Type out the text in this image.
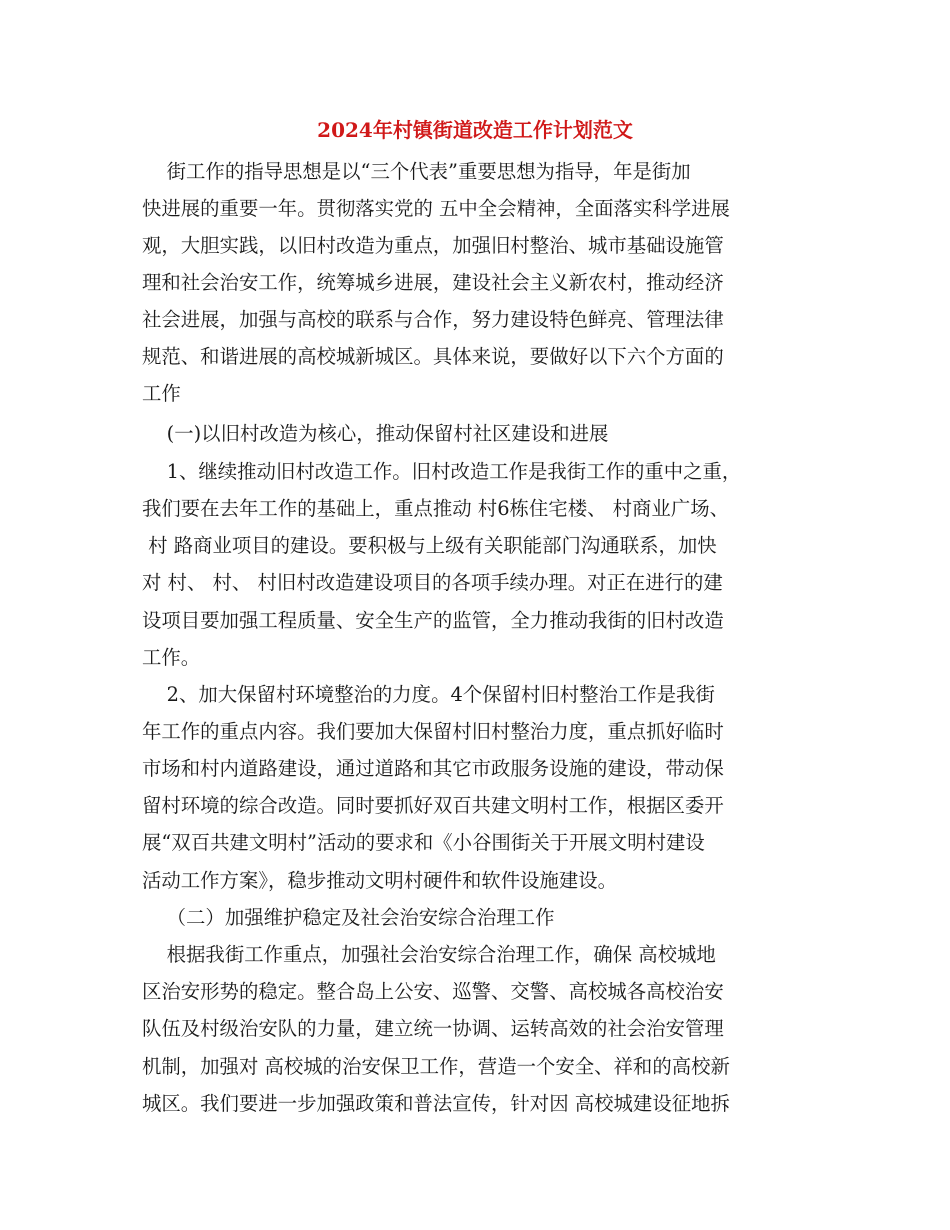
2024年村镇街道改造工作计划范文
街工作的指导思想是以“三个代表”重要思想为指导，年是街加
快进展的重要一年。贯彻落实党的 五中全会精神，全面落实科学进展
观，大胆实践，以旧村改造为重点，加强旧村整治、城市基础设施管
理和社会治安工作，统筹城乡进展，建设社会主义新农村，推动经济
社会进展，加强与高校的联系与合作，努力建设特色鲜亮、管理法律
规范、和谐进展的高校城新城区。具体来说，要做好以下六个方面的
工作
(一)以旧村改造为核心，推动保留村社区建设和进展
1、继续推动旧村改造工作。旧村改造工作是我街工作的重中之重，
我们要在去年工作的基础上，重点推动 村6栋住宅楼、 村商业广场、
村 路商业项目的建设。要积极与上级有关职能部门沟通联系，加快
对 村、 村、 村旧村改造建设项目的各项手续办理。对正在进行的建
设项目要加强工程质量、安全生产的监管，全力推动我街的旧村改造
工作。
2、加大保留村环境整治的力度。4个保留村旧村整治工作是我街
年工作的重点内容。我们要加大保留村旧村整治力度，重点抓好临时
市场和村内道路建设，通过道路和其它市政服务设施的建设，带动保
留村环境的综合改造。同时要抓好双百共建文明村工作，根据区委开
展“双百共建文明村”活动的要求和《小谷围街关于开展文明村建设
活动工作方案》，稳步推动文明村硬件和软件设施建设。
（二）加强维护稳定及社会治安综合治理工作
根据我街工作重点，加强社会治安综合治理工作，确保 高校城地
区治安形势的稳定。整合岛上公安、巡警、交警、高校城各高校治安
队伍及村级治安队的力量，建立统一协调、运转高效的社会治安管理
机制，加强对 高校城的治安保卫工作，营造一个安全、祥和的高校新
城区。我们要进一步加强政策和普法宣传，针对因 高校城建设征地拆
